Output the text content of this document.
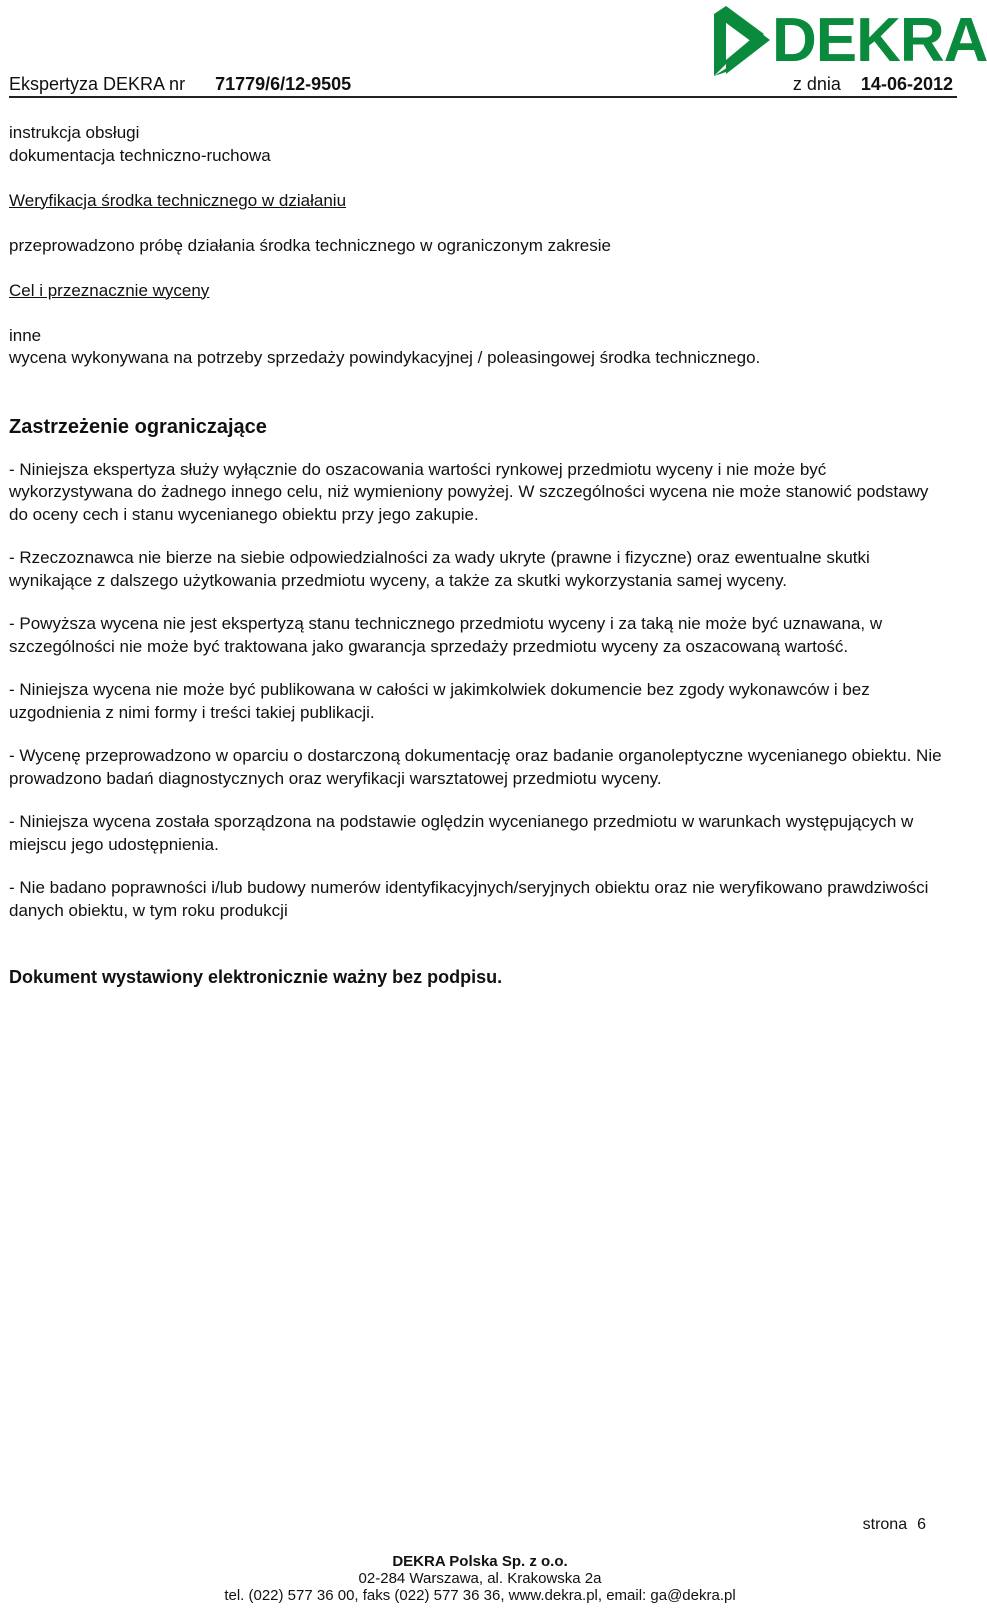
DEKRA
Ekspertyza DEKRA nr 71779/6/12-9505	z dnia 14-06-2012

instrukcja obsługi

dokumentacja techniczno-ruchowa

Weryfikacja środka technicznego w działaniu

przeprowadzono próbę działania środka technicznego w ograniczonym zakresie

Cel i przeznacznie wyceny

inne

wycena wykonywana na potrzeby sprzedaży powindykacyjnej / poleasingowej środka technicznego.

Zastrzeżenie ograniczające

- Niniejsza ekspertyza służy wyłącznie do oszacowania wartości rynkowej przedmiotu wyceny i nie może być wykorzystywana do żadnego innego celu, niż wymieniony powyżej. W szczególności wycena nie może stanowić podstawy do oceny cech i stanu wycenianego obiektu przy jego zakupie.

- Rzeczoznawca nie bierze na siebie odpowiedzialności za wady ukryte (prawne i fizyczne) oraz ewentualne skutki wynikające z dalszego użytkowania przedmiotu wyceny, a także za skutki wykorzystania samej wyceny.

- Powyższa wycena nie jest ekspertyzą stanu technicznego przedmiotu wyceny i za taką nie może być uznawana, w szczególności nie może być traktowana jako gwarancja sprzedaży przedmiotu wyceny za oszacowaną wartość.

- Niniejsza wycena nie może być publikowana w całości w jakimkolwiek dokumencie bez zgody wykonawców i bez uzgodnienia z nimi formy i treści takiej publikacji.

- Wycenę przeprowadzono w oparciu o dostarczoną dokumentację oraz badanie organoleptyczne wycenianego obiektu. Nie prowadzono badań diagnostycznych oraz weryfikacji warsztatowej przedmiotu wyceny.

- Niniejsza wycena została sporządzona na podstawie oględzin wycenianego przedmiotu w warunkach występujących w miejscu jego udostępnienia.

- Nie badano poprawności i/lub budowy numerów identyfikacyjnych/seryjnych obiektu oraz nie weryfikowano prawdziwości danych obiektu, w tym roku produkcji

Dokument wystawiony elektronicznie ważny bez podpisu.

strona 6
DEKRA Polska Sp. z o.o.
02-284 Warszawa, al. Krakowska 2a
tel. (022) 577 36 00, faks (022) 577 36 36, www.dekra.pl, email: ga@dekra.pl
